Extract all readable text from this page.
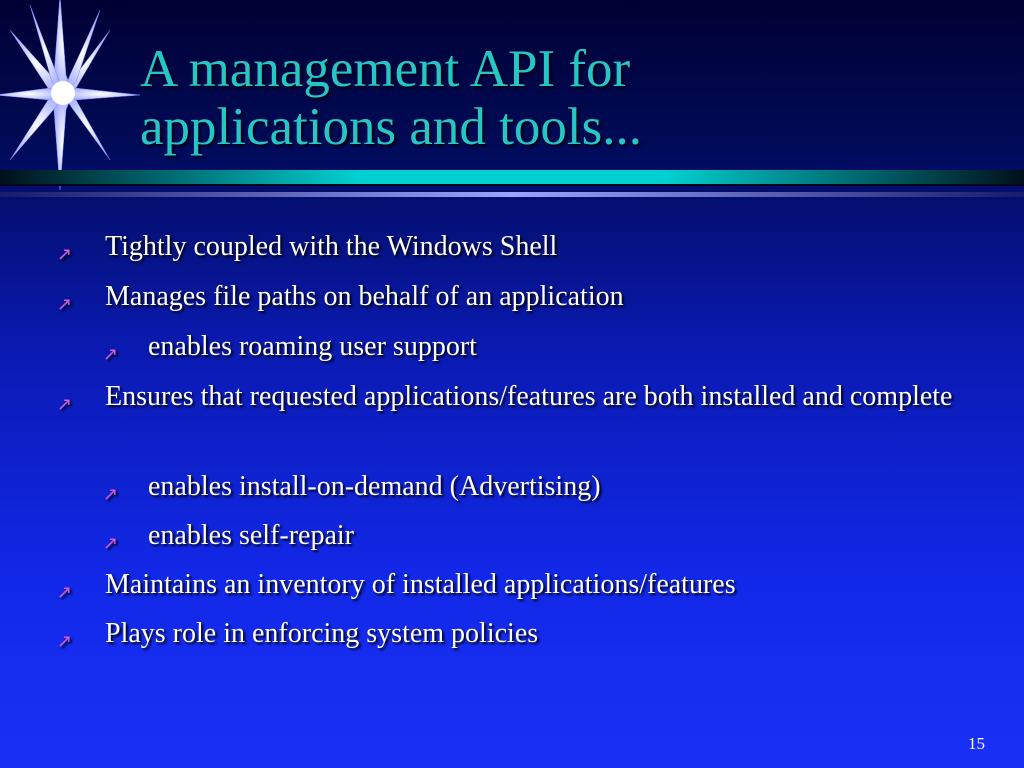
A management API for
applications and tools...
↗ Tightly coupled with the Windows Shell
↗ Manages file paths on behalf of an application
↗ enables roaming user support
↗ Ensures that requested applications/features are both installed and complete
↗ enables install-on-demand (Advertising)
↗ enables self-repair
↗ Maintains an inventory of installed applications/features
↗ Plays role in enforcing system policies
15
